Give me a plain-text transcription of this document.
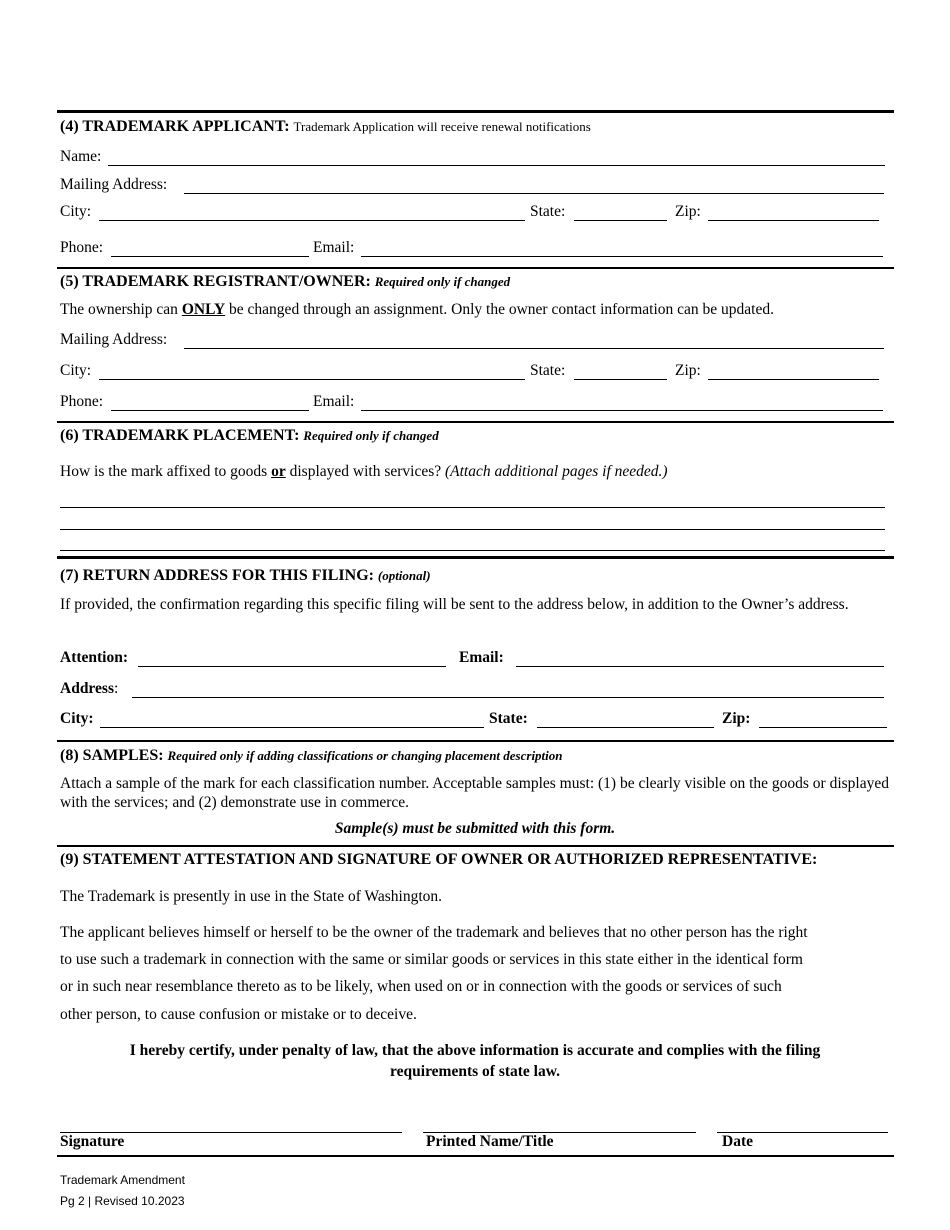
(4) TRADEMARK APPLICANT: Trademark Application will receive renewal notifications
Name:
Mailing Address:
City:	State:	Zip:
Phone:	Email:
(5) TRADEMARK REGISTRANT/OWNER: Required only if changed
The ownership can ONLY be changed through an assignment. Only the owner contact information can be updated.
Mailing Address:
City:	State:	Zip:
Phone:	Email:
(6) TRADEMARK PLACEMENT: Required only if changed
How is the mark affixed to goods or displayed with services? (Attach additional pages if needed.)
(7) RETURN ADDRESS FOR THIS FILING: (optional)
If provided, the confirmation regarding this specific filing will be sent to the address below, in addition to the Owner’s address.
Attention:	Email:
Address:
City:	State:	Zip:
(8) SAMPLES: Required only if adding classifications or changing placement description
Attach a sample of the mark for each classification number. Acceptable samples must: (1) be clearly visible on the goods or displayed with the services; and (2) demonstrate use in commerce.
Sample(s) must be submitted with this form.
(9) STATEMENT ATTESTATION AND SIGNATURE OF OWNER OR AUTHORIZED REPRESENTATIVE:
The Trademark is presently in use in the State of Washington.
The applicant believes himself or herself to be the owner of the trademark and believes that no other person has the right
to use such a trademark in connection with the same or similar goods or services in this state either in the identical form
or in such near resemblance thereto as to be likely, when used on or in connection with the goods or services of such
other person, to cause confusion or mistake or to deceive.
I hereby certify, under penalty of law, that the above information is accurate and complies with the filing
requirements of state law.
Signature	Printed Name/Title	Date
Trademark Amendment
Pg 2 | Revised 10.2023
